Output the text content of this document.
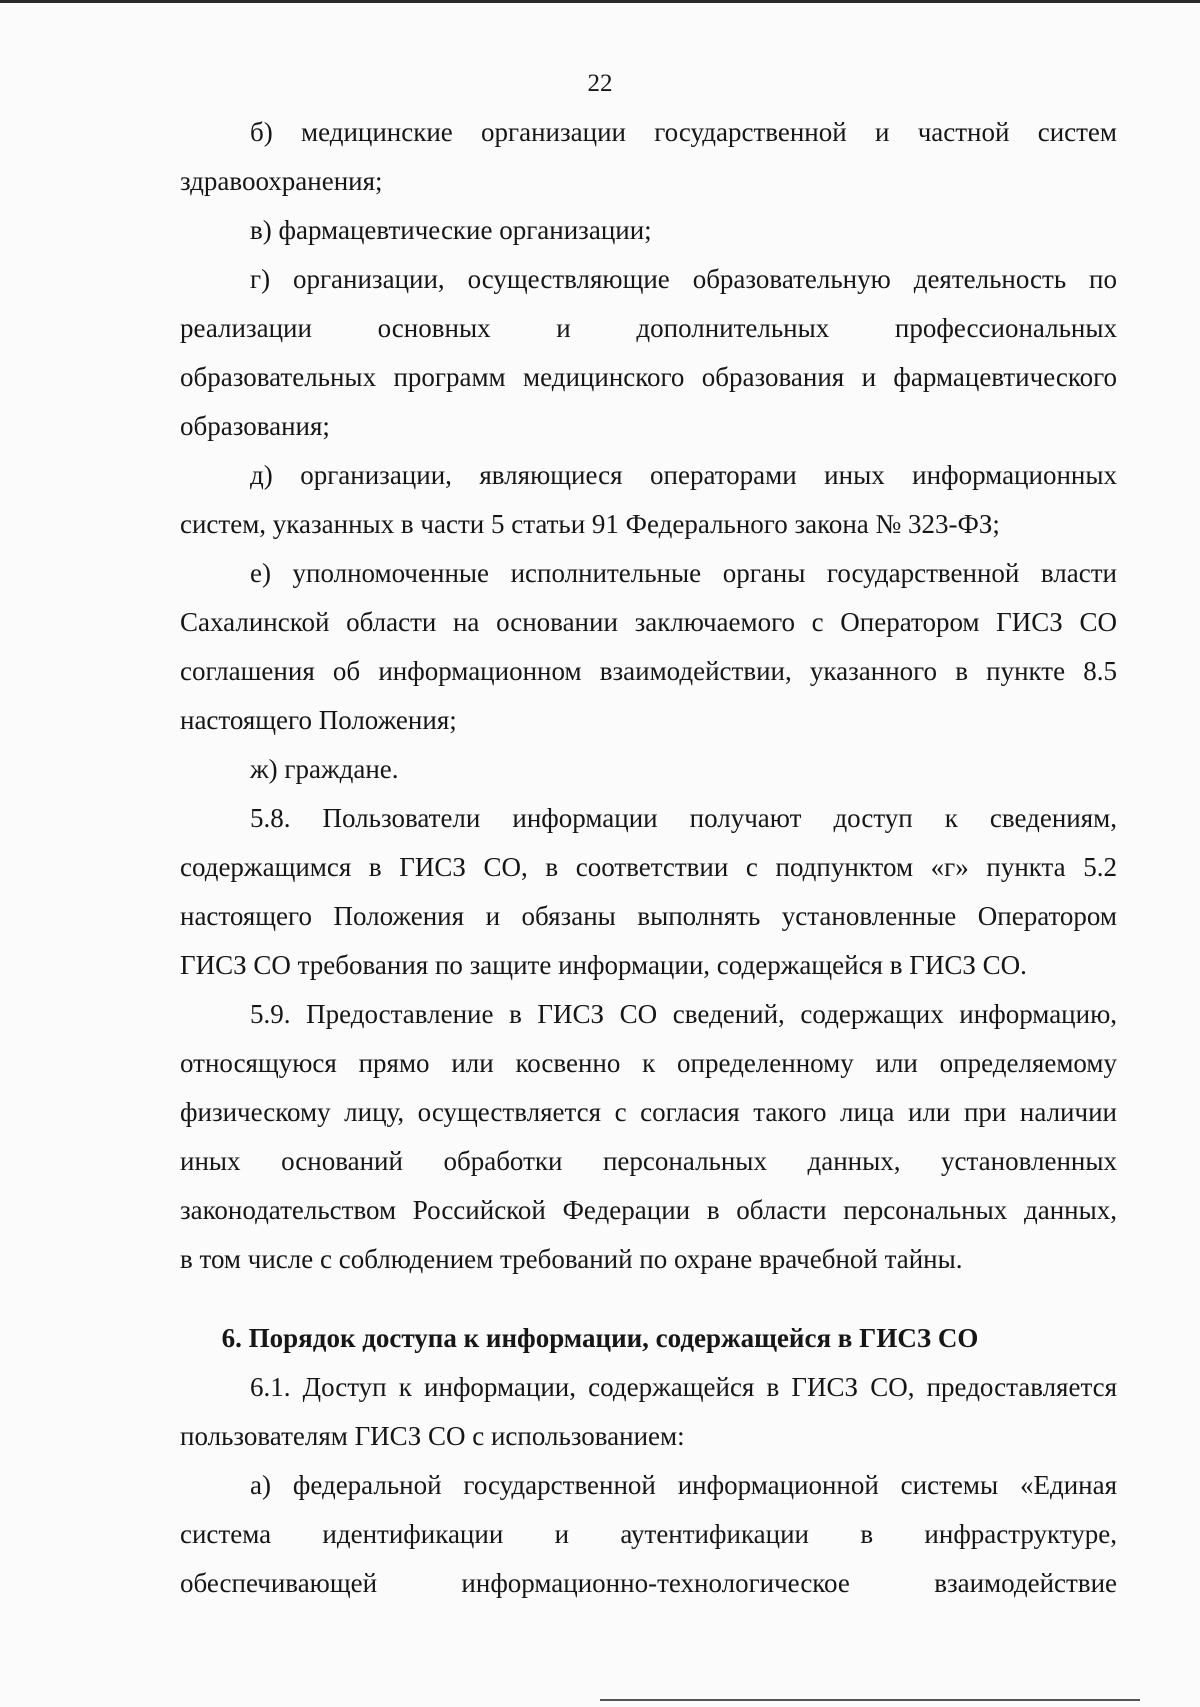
22
б) медицинские организации государственной и частной систем
здравоохранения;
в) фармацевтические организации;
г) организации, осуществляющие образовательную деятельность по
реализации основных и дополнительных профессиональных
образовательных программ медицинского образования и фармацевтического
образования;
д) организации, являющиеся операторами иных информационных
систем, указанных в части 5 статьи 91 Федерального закона № 323-ФЗ;
е) уполномоченные исполнительные органы государственной власти
Сахалинской области на основании заключаемого с Оператором ГИСЗ СО
соглашения об информационном взаимодействии, указанного в пункте 8.5
настоящего Положения;
ж) граждане.
5.8. Пользователи информации получают доступ к сведениям,
содержащимся в ГИСЗ СО, в соответствии с подпунктом «г» пункта 5.2
настоящего Положения и обязаны выполнять установленные Оператором
ГИСЗ СО требования по защите информации, содержащейся в ГИСЗ СО.
5.9. Предоставление в ГИСЗ СО сведений, содержащих информацию,
относящуюся прямо или косвенно к определенному или определяемому
физическому лицу, осуществляется с согласия такого лица или при наличии
иных оснований обработки персональных данных, установленных
законодательством Российской Федерации в области персональных данных,
в том числе с соблюдением требований по охране врачебной тайны.
6. Порядок доступа к информации, содержащейся в ГИСЗ СО
6.1. Доступ к информации, содержащейся в ГИСЗ СО, предоставляется
пользователям ГИСЗ СО с использованием:
а) федеральной государственной информационной системы «Единая
система идентификации и аутентификации в инфраструктуре,
обеспечивающей информационно-технологическое взаимодействие
